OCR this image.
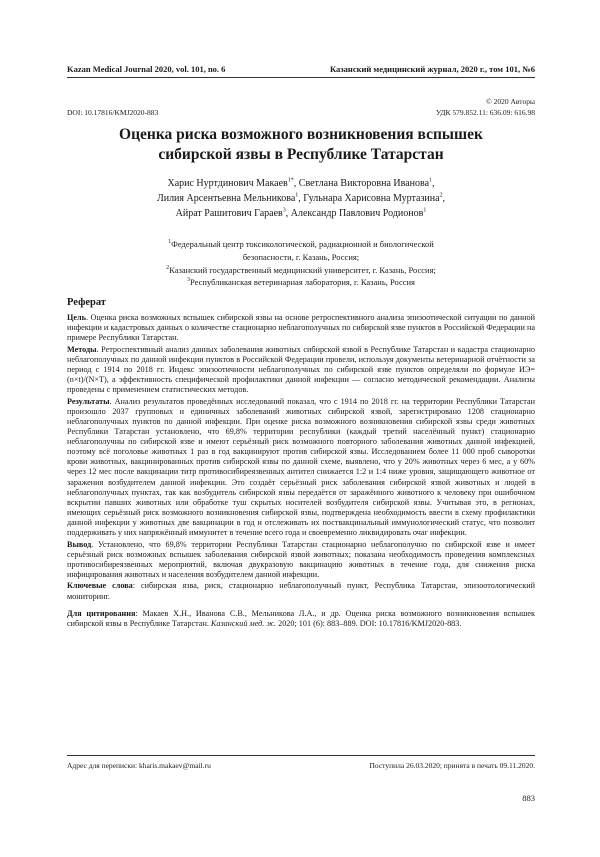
Kazan Medical Journal 2020, vol. 101, no. 6	Казанский медицинский журнал, 2020 г., том 101, №6
© 2020 Авторы
DOI: 10.17816/KMJ2020-883	УДК 579.852.11: 636.09: 616.98
Оценка риска возможного возникновения вспышек
сибирской язвы в Республике Татарстан
Харис Нуртдинович Макаев$^{1*}$, Светлана Викторовна Иванова$^1$,
Лилия Арсентьевна Мельникова$^1$, Гульнара Харисовна Муртазина$^2$,
Айрат Рашитович Гараев$^3$, Александр Павлович Родионов$^1$
$^1$Федеральный центр токсикологической, радиационной и биологической
безопасности, г. Казань, Россия;
$^2$Казанский государственный медицинский университет, г. Казань, Россия;
$^3$Республиканская ветеринарная лаборатория, г. Казань, Россия
Реферат

Цель. Оценка риска возможных вспышек сибирской язвы на основе ретроспективного анализа эпизоотической ситуации по данной инфекции и кадастровых данных о количестве стационарно неблагополучных по сибирской язве пунктов в Российской Федерации на примере Республики Татарстан.

Методы. Ретроспективный анализ данных заболевания животных сибирской язвой в Республике Татарстан и кадастра стационарно неблагополучных по данной инфекции пунктов в Российской Федерации провели, используя документы ветеринарной отчётности за период с 1914 по 2018 гг. Индекс эпизоотичности неблагополучных по сибирской язве пунктов определяли по формуле ИЭ=(n×t)/(N×T), а эффективность специфической профилактики данной инфекции — согласно методической рекомендации. Анализы проведены с применением статистических методов.

Результаты. Анализ результатов проведённых исследований показал, что с 1914 по 2018 гг. на территории Республики Татарстан произошло 2037 групповых и единичных заболеваний животных сибирской язвой, зарегистрировано 1208 стационарно неблагополучных пунктов по данной инфекции. При оценке риска возможного возникновения сибирской язвы среди животных Республики Татарстан установлено, что 69,8% территории республики (каждый третий населённый пункт) стационарно неблагополучны по сибирской язве и имеют серьёзный риск возможного повторного заболевания животных данной инфекцией, поэтому всё поголовье животных 1 раз в год вакцинируют против сибирской язвы. Исследованием более 11 000 проб сыворотки крови животных, вакцинированных против сибирской язвы по данной схеме, выявлено, что у 20% животных через 6 мес, а у 60% через 12 мес после вакцинации титр противосибиреязвенных антител снижается 1:2 и 1:4 ниже уровня, защищающего животное от заражения возбудителем данной инфекции. Это создаёт серьёзный риск заболевания сибирской язвой животных и людей в неблагополучных пунктах, так как возбудитель сибирской язвы передаётся от заражённого животного к человеку при ошибочном вскрытии павших животных или обработке туш скрытых носителей возбудителя сибирской язвы. Учитывая это, в регионах, имеющих серьёзный риск возможного возникновения сибирской язвы, подтверждена необходимость ввести в схему профилактики данной инфекции у животных две вакцинации в год и отслеживать их поствакцинальный иммунологический статус, что позволит поддерживать у них напряжённый иммунитет в течение всего года и своевременно ликвидировать очаг инфекции.

Вывод. Установлено, что 69,8% территории Республики Татарстан стационарно неблагополучно по сибирской язве и имеет серьёзный риск возможных вспышек заболевания сибирской язвой животных; показана необходимость проведения комплексных противосибиреязвенных мероприятий, включая двукразовую вакцинацию животных в течение года, для снижения риска инфицирования животных и населения возбудителем данной инфекции.

Ключевые слова: сибирская язва, риск, стационарно неблагополучный пункт, Республика Татарстан, эпизоотологический мониторинг.

Для цитирования: Макаев Х.Н., Иванова С.В., Мельникова Л.А., и др. Оценка риска возможного возникновения вспышек сибирской язвы в Республике Татарстан. Казанский мед. ж. 2020; 101 (6): 883–889. DOI: 10.17816/KMJ2020-883.

Адрес для переписки: kharis.makaev@mail.ru	Поступила 26.03.2020; принята в печать 09.11.2020.
883
